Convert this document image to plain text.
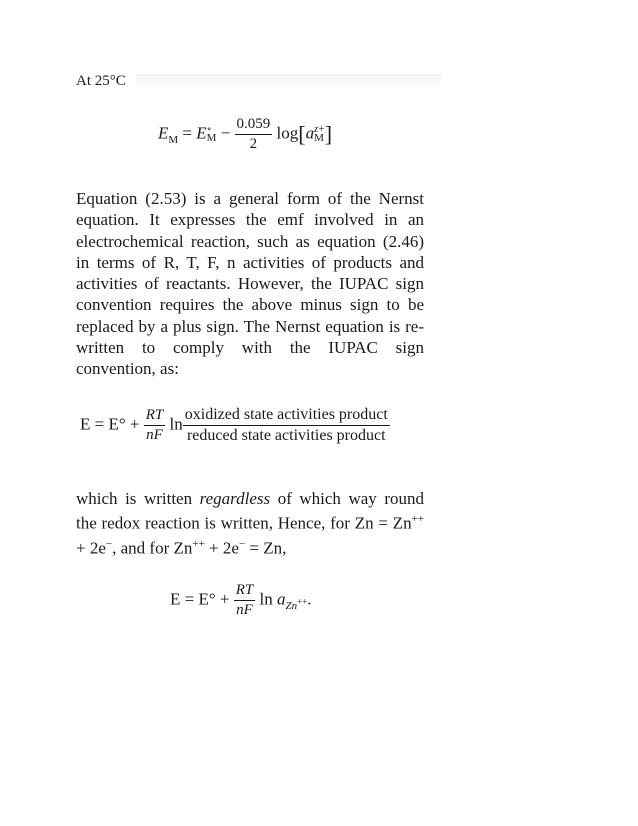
At 25°C
$E_M = E$ ∘
$M - \frac{0.059}{2} \log[a$ z+
M ]

Equation (2.53) is a general form of the Nernst equation. It expresses the emf involved in an electrochemical reaction, such as equation (2.46) in terms of R, T, F, n activities of products and activities of reactants. However, the IUPAC sign convention requires the above minus sign to be replaced by a plus sign. The Nernst equation is re-written to comply with the IUPAC sign convention, as:

$E = E^\circ + \frac{RT}{nF}$ $\ln \frac{\text{oxidized state activities product}}{\text{reduced state activities product}}$

which is written regardless of which way round the redox reaction is written, Hence, for Zn = Zn++ + 2e−, and for Zn++ + 2e− = Zn,

$E = E^\circ + \frac{RT}{nF}$ $\ln a_{Zn^{++}}$.
